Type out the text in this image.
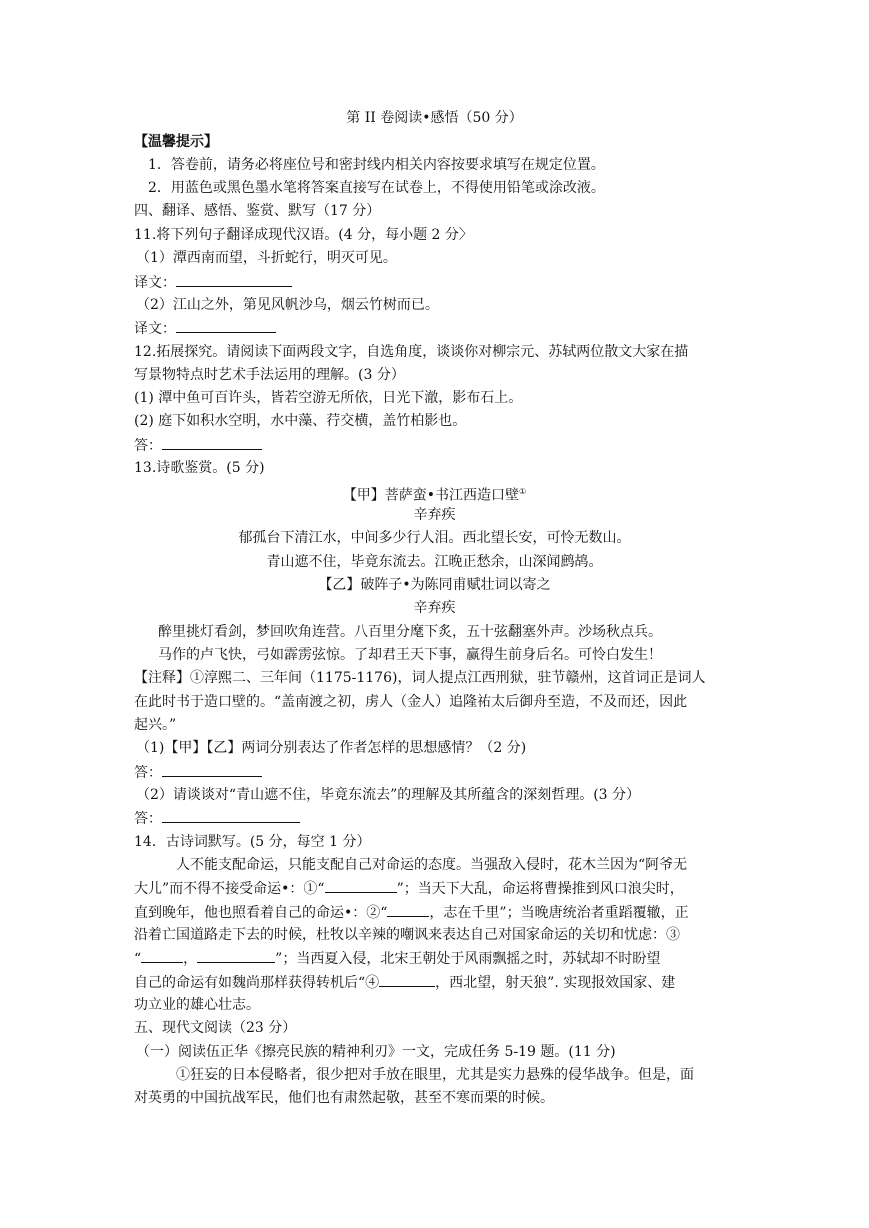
第 II 卷阅读•感悟（50 分）
【温馨提示】
1．答卷前，请务必将座位号和密封线内相关内容按要求填写在规定位置。
2．用蓝色或黑色墨水笔将答案直接写在试卷上，不得使用铅笔或涂改液。
四、翻译、感悟、鉴赏、默写（17 分）
11.将下列句子翻译成现代汉语。(4 分，每小题 2 分〉
（1）潭西南而望，斗折蛇行，明灭可见。
译文：
（2）江山之外，第见风帆沙乌，烟云竹树而已。
译文：
12.拓展探究。请阅读下面两段文字，自选角度，谈谈你对柳宗元、苏轼两位散文大家在描
写景物特点时艺术手法运用的理解。(3 分）
(1) 潭中鱼可百许头，皆若空游无所依，日光下澈，影布石上。
(2) 庭下如积水空明，水中藻、荇交横，盖竹柏影也。
答：
13.诗歌鉴赏。(5 分)
【甲】菩萨蛮•书江西造口壁①
辛弃疾
郁孤台下清江水，中间多少行人泪。西北望长安，可怜无数山。
青山遮不住，毕竟东流去。江晚正愁余，山深闻鹧鸪。
【乙】破阵子•为陈同甫赋壮词以寄之
辛弃疾
醉里挑灯看剑，梦回吹角连营。八百里分麾下炙，五十弦翻塞外声。沙场秋点兵。
马作的卢飞快，弓如霹雳弦惊。了却君王天下事，赢得生前身后名。可怜白发生！
【注释】①淳熙二、三年间（1175-1176)，词人提点江西刑狱，驻节赣州，这首词正是词人
在此时书于造口壁的。“盖南渡之初，虏人（金人）追隆祐太后御舟至造，不及而还，因此
起兴。”
（1)【甲】【乙】两词分别表达了作者怎样的思想感情？（2 分)
答：
（2）请谈谈对“青山遮不住，毕竟东流去”的理解及其所蕴含的深刻哲理。(3 分）
答：
14．古诗词默写。(5 分，每空 1 分）
人不能支配命运，只能支配自己对命运的态度。当强敌入侵时，花木兰因为“阿爷无
大儿”而不得不接受命运•：①“	”；当天下大乱，命运将曹操推到风口浪尖时，
直到晚年，他也照看着自己的命运•：②“	，志在千里”；当晚唐统治者重蹈覆辙，正
沿着亡国道路走下去的时候，杜牧以辛辣的嘲讽来表达自己对国家命运的关切和忧虑：③
“	，	”；当西夏入侵，北宋王朝处于风雨飘摇之时，苏轼却不时盼望
自己的命运有如魏尚那样获得转机后“④	，西北望，射天狼”. 实现报效国家、建
功立业的雄心壮志。
五、现代文阅读（23 分）
（一）阅读伍正华《擦亮民族的精神利刃》一文，完成任务 5-19 题。(11 分)
①狂妄的日本侵略者，很少把对手放在眼里，尤其是实力悬殊的侵华战争。但是，面
对英勇的中国抗战军民，他们也有肃然起敬，甚至不寒而栗的时候。
